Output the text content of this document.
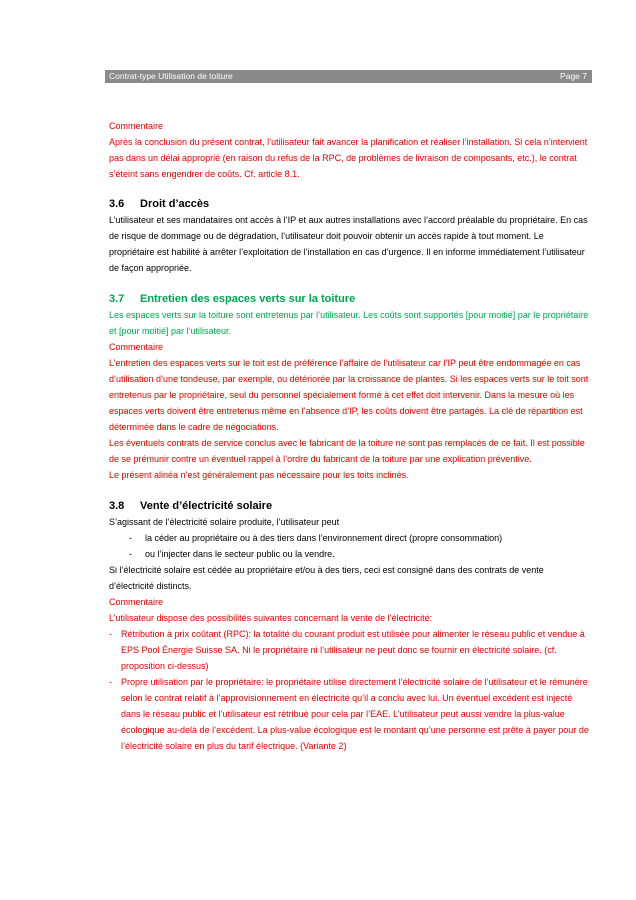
Contrat-type Utilisation de toiture	Page 7

Commentaire

Après la conclusion du présent contrat, l’utilisateur fait avancer la planification et réaliser l’installation. Si cela n’intervient pas dans un délai approprié (en raison du refus de la RPC, de problèmes de livraison de composants, etc.), le contrat s’éteint sans engendrer de coûts. Cf. article 8.1.

3.6 Droit d’accès

L’utilisateur et ses mandataires ont accès à l’IP et aux autres installations avec l’accord préalable du propriétaire. En cas de risque de dommage ou de dégradation, l’utilisateur doit pouvoir obtenir un accès rapide à tout moment. Le propriétaire est habilité à arrêter l’exploitation de l’installation en cas d’urgence. Il en informe immédiatement l’utilisateur de façon appropriée.

3.7 Entretien des espaces verts sur la toiture

Les espaces verts sur la toiture sont entretenus par l’utilisateur. Les coûts sont supportés [pour moitié] par le propriétaire et [pour moitié] par l’utilisateur.

Commentaire

L’entretien des espaces verts sur le toit est de préférence l’affaire de l’utilisateur car l’IP peut être endommagée en cas d’utilisation d’une tondeuse, par exemple, ou détériorée par la croissance de plantes. Si les espaces verts sur le toit sont entretenus par le propriétaire, seul du personnel spécialement formé à cet effet doit intervenir. Dans la mesure où les espaces verts doivent être entretenus même en l’absence d’IP, les coûts doivent être partagés. La clé de répartition est déterminée dans le cadre de négociations.

Les éventuels contrats de service conclus avec le fabricant de la toiture ne sont pas remplacés de ce fait. Il est possible de se prémunir contre un éventuel rappel à l’ordre du fabricant de la toiture par une explication préventive.

Le présent alinéa n’est généralement pas nécessaire pour les toits inclinés.

3.8 Vente d’électricité solaire

S’agissant de l’électricité solaire produite, l’utilisateur peut

- la céder au propriétaire ou à des tiers dans l’environnement direct (propre consommation)
- ou l’injecter dans le secteur public ou la vendre.

Si l’électricité solaire est cédée au propriétaire et/ou à des tiers, ceci est consigné dans des contrats de vente d’électricité distincts.

Commentaire

L’utilisateur dispose des possibilités suivantes concernant la vente de l’électricité:

- Rétribution à prix coûtant (RPC): la totalité du courant produit est utilisée pour alimenter le réseau public et vendue à EPS Pool Énergie Suisse SA. Ni le propriétaire ni l’utilisateur ne peut donc se fournir en électricité solaire. (cf. proposition ci-dessus)
- Propre utilisation par le propriétaire: le propriétaire utilise directement l’électricité solaire de l’utilisateur et le rémunère selon le contrat relatif à l’approvisionnement en électricité qu’il a conclu avec lui. Un éventuel excédent est injecté dans le réseau public et l’utilisateur est rétribué pour cela par l’EAE. L’utilisateur peut aussi vendre la plus-value écologique au-delà de l’excédent. La plus-value écologique est le montant qu’une personne est prête à payer pour de l’électricité solaire en plus du tarif électrique. (Variante 2)
